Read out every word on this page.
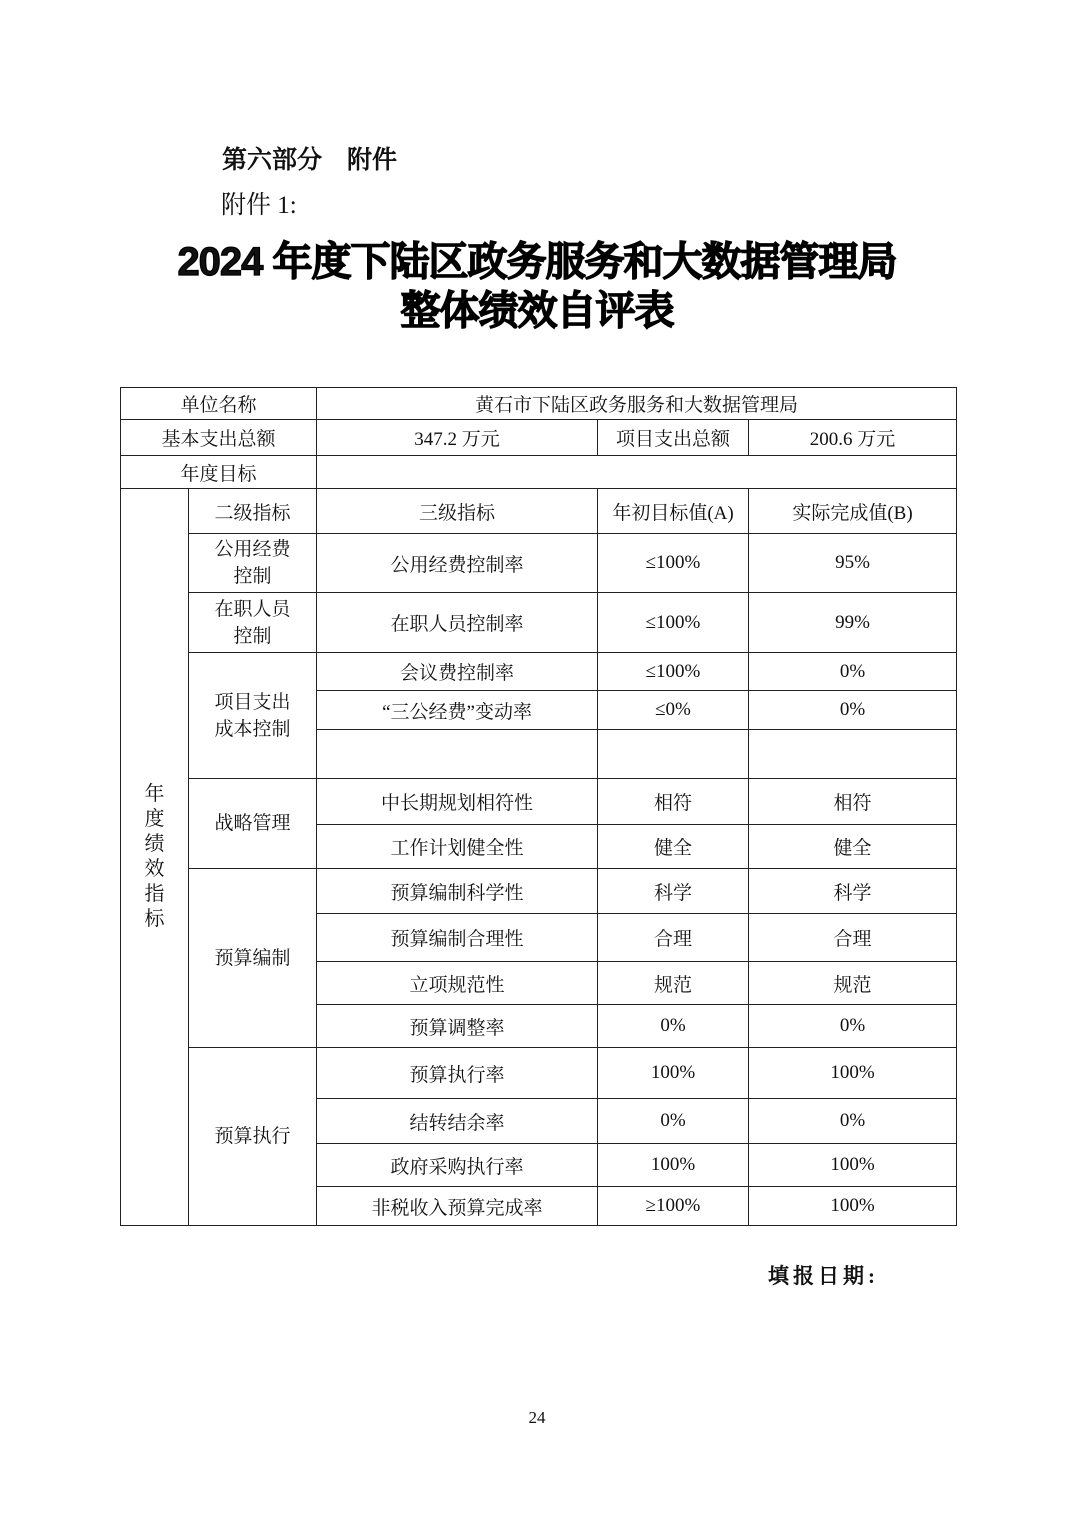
第六部分　附件
附件 1:
2024 年度下陆区政务服务和大数据管理局
整体绩效自评表
单位名称		黄石市下陆区政务服务和大数据管理局		
基本支出总额		347.2 万元	项目支出总额	200.6 万元
年度目标				

年度绩效指标	二级指标	三级指标	年初目标值(A)	实际完成值(B)

	公用经费控制	公用经费控制率	≤100%	95%

	在职人员控制	在职人员控制率	≤100%	99%

	项目支出成本控制	会议费控制率	≤100%	0%
		“三公经费”变动率	≤0%	0%

	战略管理	中长期规划相符性	相符	相符
		工作计划健全性	健全	健全

	预算编制	预算编制科学性	科学	科学
		预算编制合理性	合理	合理
		立项规范性	规范	规范
		预算调整率	0%	0%

	预算执行	预算执行率	100%	100%
		结转结余率	0%	0%
		政府采购执行率	100%	100%
		非税收入预算完成率	≥100%	100%
填报日期:
24
